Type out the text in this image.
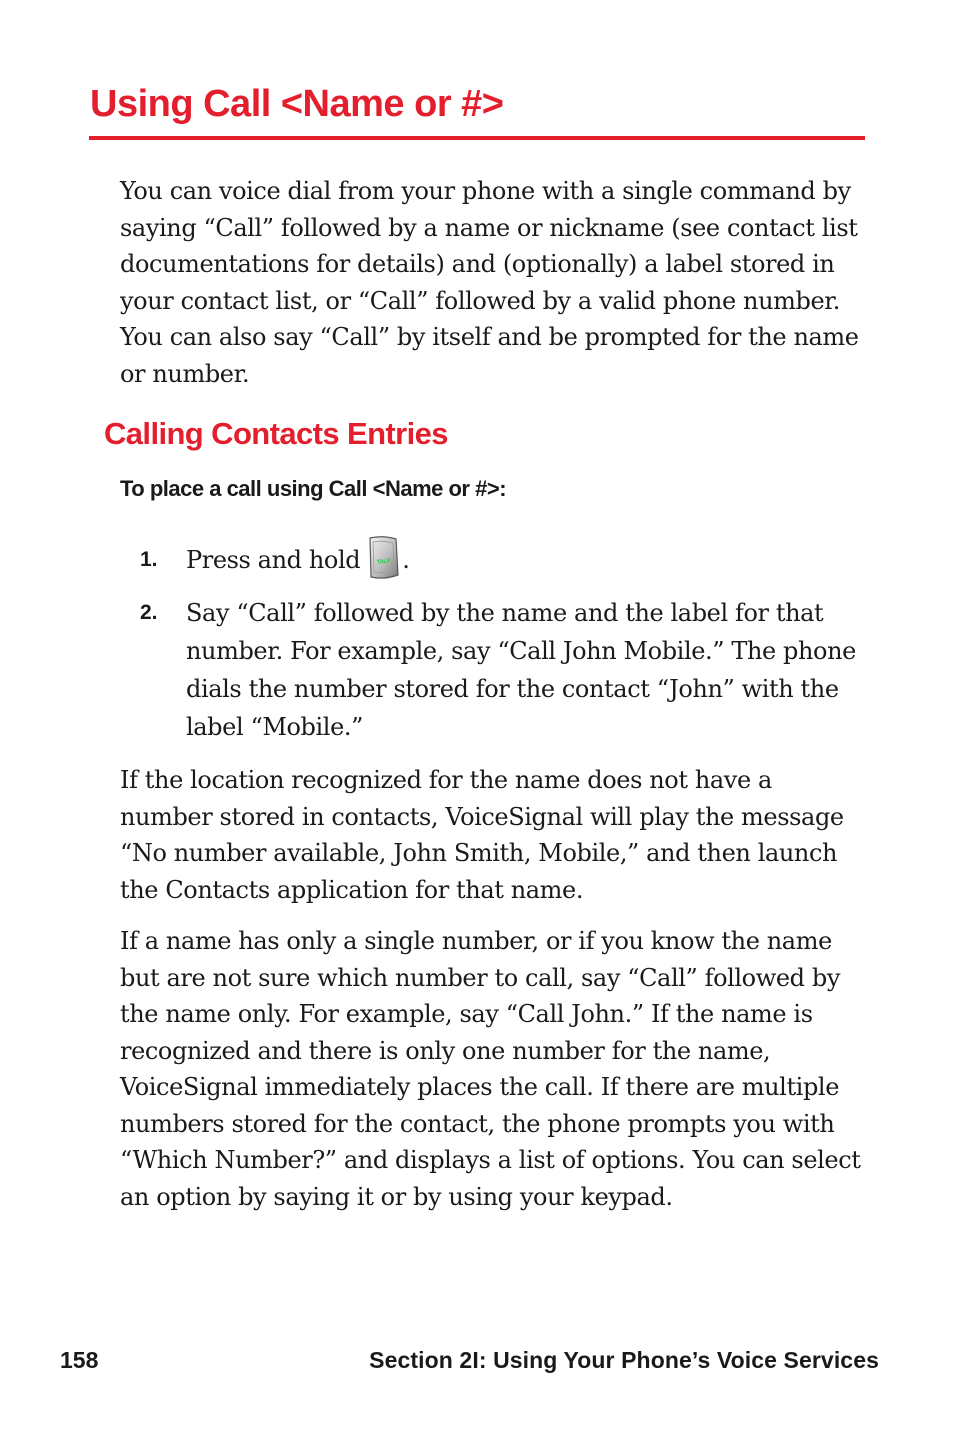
Using Call <Name or #>

You can voice dial from your phone with a single command by saying “Call” followed by a name or nickname (see contact list documentations for details) and (optionally) a label stored in your contact list, or “Call” followed by a valid phone number. You can also say “Call” by itself and be prompted for the name or number.

Calling Contacts Entries

To place a call using Call <Name or #>:

1.	Press and hold	TALK .
2.	Say “Call” followed by the name and the label for that number. For example, say “Call John Mobile.” The phone dials the number stored for the contact “John” with the label “Mobile.”

If the location recognized for the name does not have a number stored in contacts, VoiceSignal will play the message “No number available, John Smith, Mobile,” and then launch the Contacts application for that name.

If a name has only a single number, or if you know the name but are not sure which number to call, say “Call” followed by the name only. For example, say “Call John.” If the name is recognized and there is only one number for the name, VoiceSignal immediately places the call. If there are multiple numbers stored for the contact, the phone prompts you with “Which Number?” and displays a list of options. You can select an option by saying it or by using your keypad.

158	Section 2I: Using Your Phone’s Voice Services
